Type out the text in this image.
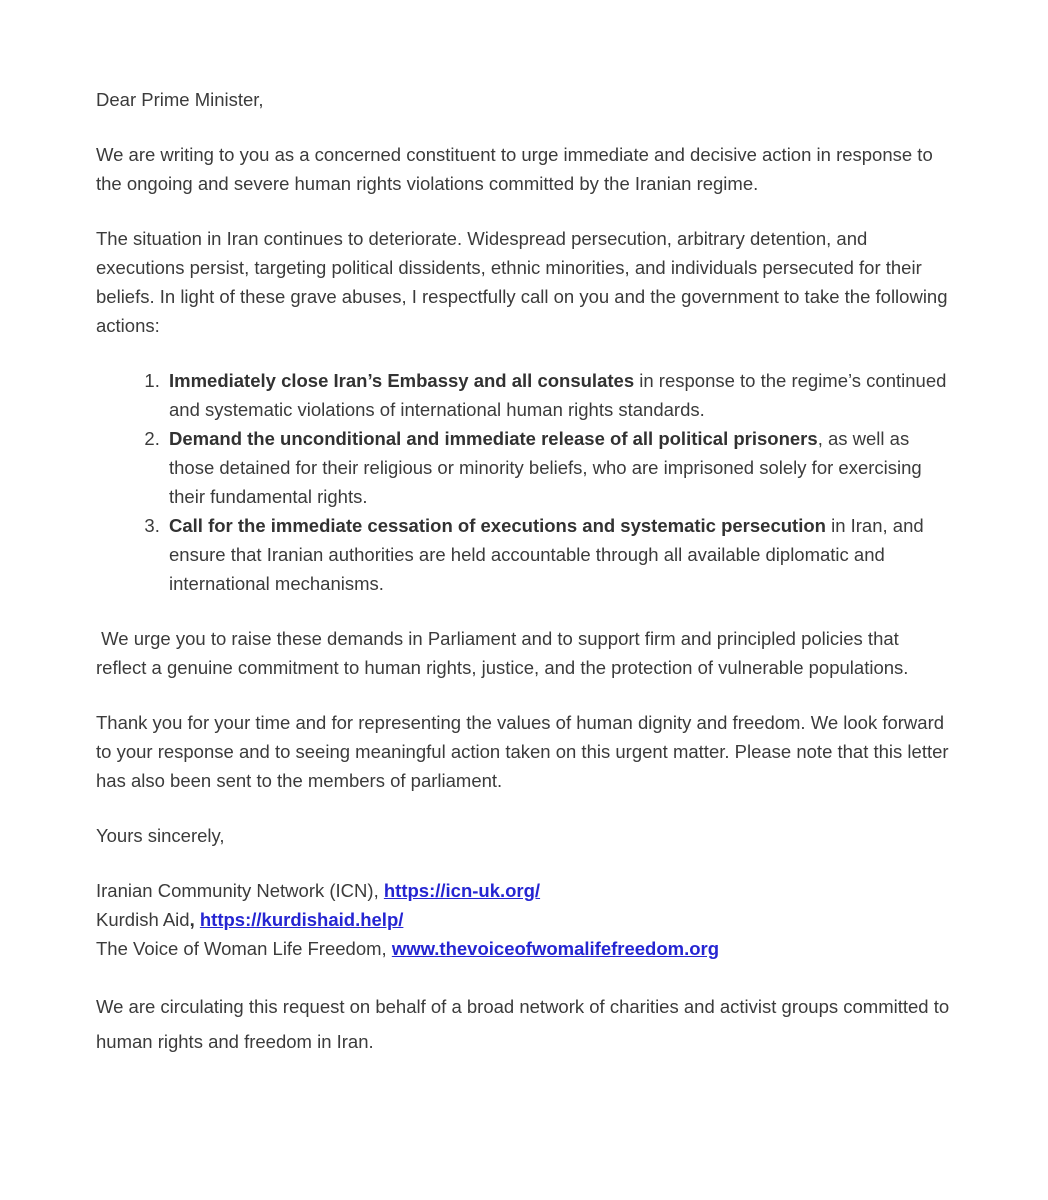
Dear Prime Minister,

We are writing to you as a concerned constituent to urge immediate and decisive action in response to the ongoing and severe human rights violations committed by the Iranian regime.

The situation in Iran continues to deteriorate. Widespread persecution, arbitrary detention, and executions persist, targeting political dissidents, ethnic minorities, and individuals persecuted for their beliefs. In light of these grave abuses, I respectfully call on you and the government to take the following actions:

1. Immediately close Iran’s Embassy and all consulates in response to the regime’s continued and systematic violations of international human rights standards.
2. Demand the unconditional and immediate release of all political prisoners, as well as those detained for their religious or minority beliefs, who are imprisoned solely for exercising their fundamental rights.
3. Call for the immediate cessation of executions and systematic persecution in Iran, and ensure that Iranian authorities are held accountable through all available diplomatic and international mechanisms.

We urge you to raise these demands in Parliament and to support firm and principled policies that reflect a genuine commitment to human rights, justice, and the protection of vulnerable populations.

Thank you for your time and for representing the values of human dignity and freedom. We look forward to your response and to seeing meaningful action taken on this urgent matter. Please note that this letter has also been sent to the members of parliament.

Yours sincerely,

Iranian Community Network (ICN), https://icn-uk.org/

Kurdish Aid, https://kurdishaid.help/

The Voice of Woman Life Freedom, www.thevoiceofwomalifefreedom.org

We are circulating this request on behalf of a broad network of charities and activist groups committed to human rights and freedom in Iran.
